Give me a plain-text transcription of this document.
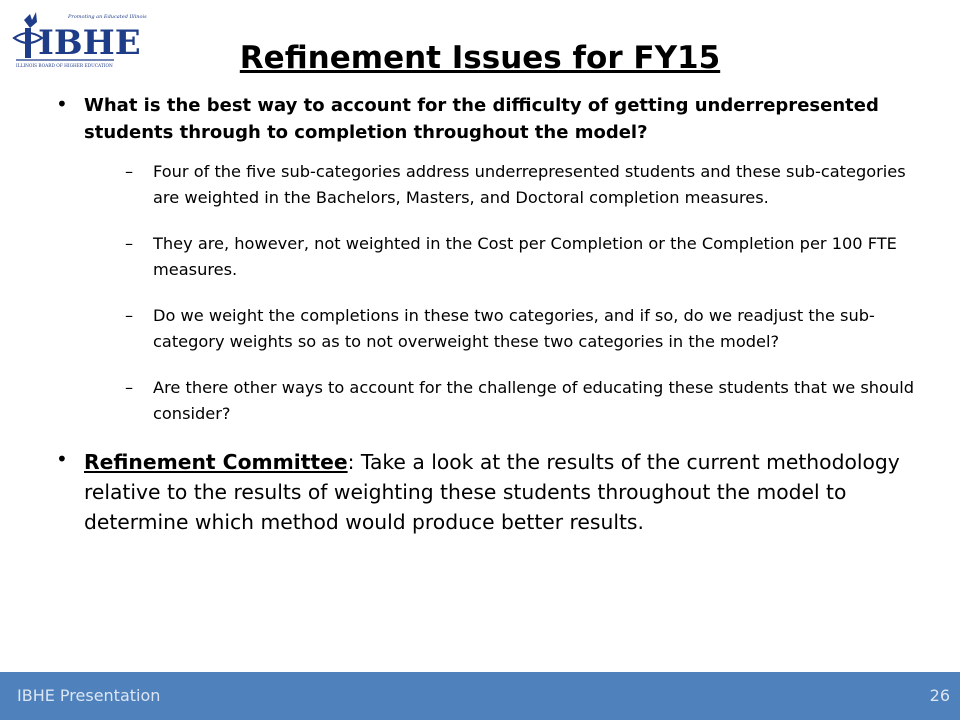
IBHE
Promoting an Educated Illinois
ILLINOIS BOARD OF HIGHER EDUCATION	Refinement Issues for FY15
• What is the best way to account for the difficulty of getting underrepresented students through to completion throughout the model?

– Four of the five sub-categories address underrepresented students and these sub-categories are weighted in the Bachelors, Masters, and Doctoral completion measures.
– They are, however, not weighted in the Cost per Completion or the Completion per 100 FTE measures.
– Do we weight the completions in these two categories, and if so, do we readjust the sub-category weights so as to not overweight these two categories in the model?
– Are there other ways to account for the challenge of educating these students that we should consider?
• Refinement Committee: Take a look at the results of the current methodology relative to the results of weighting these students throughout the model to determine which method would produce better results.

IBHE Presentation	26
